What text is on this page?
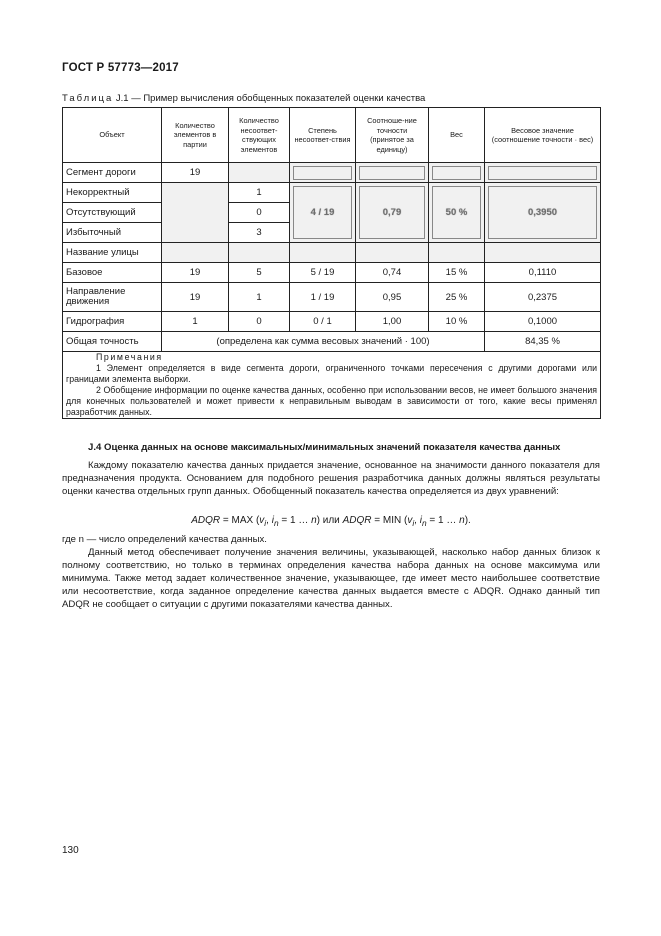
ГОСТ Р 57773—2017
Таблица J.1 — Пример вычисления обобщенных показателей оценки качества
Объект	Количество элементов в партии	Количество несоответ-ствующих элементов	Степень несоответ-ствия	Соотноше-ние точности (принятое за единицу)	Вес	Весовое значение (соотношение точности · вес)
Сегмент дороги	19		

Некорректный		1	4 / 19	0,79	50 %	0,3950

Отсутствующий		0				
Избыточный		3				
Название улицы						
Базовое	19	5	5 / 19	0,74	15 %	0,1110
Направление движения	19	1	1 / 19	0,95	25 %	0,2375
Гидрография	1	0	0 / 1	1,00	10 %	0,1000
Общая точность	(определена как сумма весовых значений · 100)					84,35 %

Примечания
1 Элемент определяется в виде сегмента дороги, ограниченного точками пересечения с другими дорогами или границами элемента выборки.
2 Обобщение информации по оценке качества данных, особенно при использовании весов, не имеет большого значения для конечных пользователей и может привести к неправильным выводам в зависимости от того, какие весы применял разработчик данных.						
J.4 Оценка данных на основе максимальных/минимальных значений показателя качества данных
Каждому показателю качества данных придается значение, основанное на значимости данного показателя для предназначения продукта. Основанием для подобного решения разработчика данных должны являться результаты оценки качества отдельных групп данных. Обобщенный показатель качества определяется из двух уравнений:
ADQR = MAX ($v_i$, $i_n = 1$ … n) или ADQR = MIN ($v_i$, $i_n = 1$ … n).
где n — число определений качества данных.
Данный метод обеспечивает получение значения величины, указывающей, насколько набор данных близок к полному соответствию, но только в терминах определения качества набора данных на основе максимума или минимума. Также метод задает количественное значение, указывающее, где имеет место наибольшее соответствие или несоответствие, когда заданное определение качества данных выдается вместе с ADQR. Однако данный тип ADQR не сообщает о ситуации с другими показателями качества данных.
130
